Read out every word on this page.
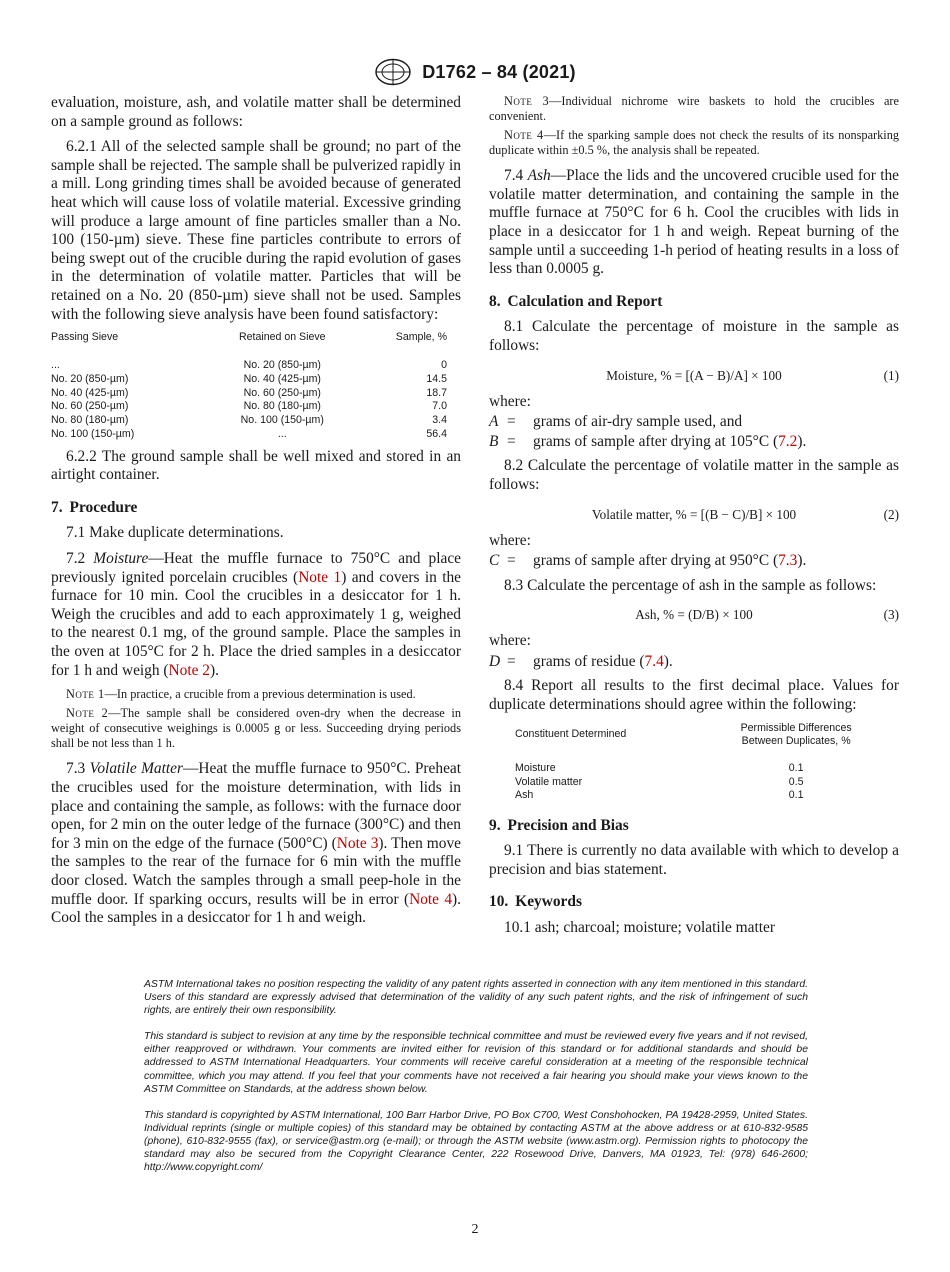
D1762 – 84 (2021)

evaluation, moisture, ash, and volatile matter shall be determined on a sample ground as follows:

6.2.1 All of the selected sample shall be ground; no part of the sample shall be rejected. The sample shall be pulverized rapidly in a mill. Long grinding times shall be avoided because of generated heat which will cause loss of volatile material. Excessive grinding will produce a large amount of fine particles smaller than a No. 100 (150-µm) sieve. These fine particles contribute to errors of being swept out of the crucible during the rapid evolution of gases in the determination of volatile matter. Particles that will be retained on a No. 20 (850-µm) sieve shall not be used. Samples with the following sieve analysis have been found satisfactory:

Passing Sieve	Retained on Sieve	Sample, %
...	No. 20 (850-µm)	0
No. 20 (850-µm)	No. 40 (425-µm)	14.5
No. 40 (425-µm)	No. 60 (250-µm)	18.7
No. 60 (250-µm)	No. 80 (180-µm)	7.0
No. 80 (180-µm)	No. 100 (150-µm)	3.4
No. 100 (150-µm)	...	56.4

6.2.2 The ground sample shall be well mixed and stored in an airtight container.

7. Procedure

7.1 Make duplicate determinations.

7.2 Moisture—Heat the muffle furnace to 750°C and place previously ignited porcelain crucibles (Note 1) and covers in the furnace for 10 min. Cool the crucibles in a desiccator for 1 h. Weigh the crucibles and add to each approximately 1 g, weighed to the nearest 0.1 mg, of the ground sample. Place the samples in the oven at 105°C for 2 h. Place the dried samples in a desiccator for 1 h and weigh (Note 2).

Note 1—In practice, a crucible from a previous determination is used.

Note 2—The sample shall be considered oven-dry when the decrease in weight of consecutive weighings is 0.0005 g or less. Succeeding drying periods shall be not less than 1 h.

7.3 Volatile Matter—Heat the muffle furnace to 950°C. Preheat the crucibles used for the moisture determination, with lids in place and containing the sample, as follows: with the furnace door open, for 2 min on the outer ledge of the furnace (300°C) and then for 3 min on the edge of the furnace (500°C) (Note 3). Then move the samples to the rear of the furnace for 6 min with the muffle door closed. Watch the samples through a small peep-hole in the muffle door. If sparking occurs, results will be in error (Note 4). Cool the samples in a desiccator for 1 h and weigh.

Note 3—Individual nichrome wire baskets to hold the crucibles are convenient.

Note 4—If the sparking sample does not check the results of its nonsparking duplicate within ±0.5 %, the analysis shall be repeated.

7.4 Ash—Place the lids and the uncovered crucible used for the volatile matter determination, and containing the sample in the muffle furnace at 750°C for 6 h. Cool the crucibles with lids in place in a desiccator for 1 h and weigh. Repeat burning of the sample until a succeeding 1-h period of heating results in a loss of less than 0.0005 g.

8. Calculation and Report

8.1 Calculate the percentage of moisture in the sample as follows:

Moisture, % = [(A − B)/A] × 100	(1)

where:

A =	grams of air-dry sample used, and
B =	grams of sample after drying at 105°C (7.2).

8.2 Calculate the percentage of volatile matter in the sample as follows:

Volatile matter, % = [(B − C)/B] × 100	(2)

where:

C =	grams of sample after drying at 950°C (7.3).

8.3 Calculate the percentage of ash in the sample as follows:

Ash, % = (D/B) × 100	(3)

where:

D =	grams of residue (7.4).

8.4 Report all results to the first decimal place. Values for duplicate determinations should agree within the following:

Constituent Determined	Permissible Differences
Between Duplicates, %
Moisture	0.1
Volatile matter	0.5
Ash	0.1
9. Precision and Bias

9.1 There is currently no data available with which to develop a precision and bias statement.

10. Keywords

10.1 ash; charcoal; moisture; volatile matter

ASTM International takes no position respecting the validity of any patent rights asserted in connection with any item mentioned in this standard. Users of this standard are expressly advised that determination of the validity of any such patent rights, and the risk of infringement of such rights, are entirely their own responsibility.

This standard is subject to revision at any time by the responsible technical committee and must be reviewed every five years and if not revised, either reapproved or withdrawn. Your comments are invited either for revision of this standard or for additional standards and should be addressed to ASTM International Headquarters. Your comments will receive careful consideration at a meeting of the responsible technical committee, which you may attend. If you feel that your comments have not received a fair hearing you should make your views known to the ASTM Committee on Standards, at the address shown below.

This standard is copyrighted by ASTM International, 100 Barr Harbor Drive, PO Box C700, West Conshohocken, PA 19428-2959, United States. Individual reprints (single or multiple copies) of this standard may be obtained by contacting ASTM at the above address or at 610-832-9585 (phone), 610-832-9555 (fax), or service@astm.org (e-mail); or through the ASTM website (www.astm.org). Permission rights to photocopy the standard may also be secured from the Copyright Clearance Center, 222 Rosewood Drive, Danvers, MA 01923, Tel: (978) 646-2600; http://www.copyright.com/

2
